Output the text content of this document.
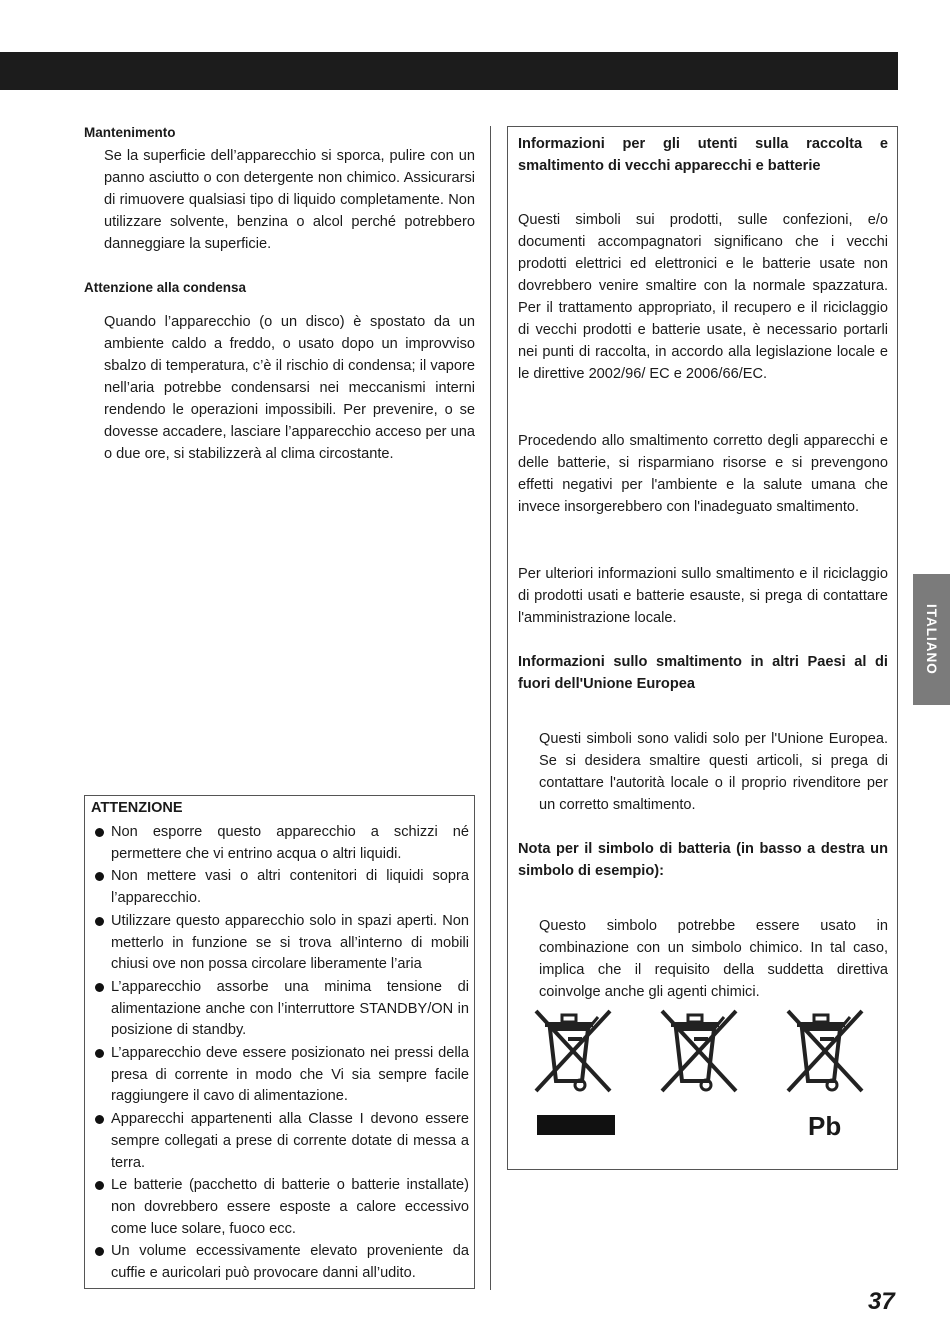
ITALIANO
Mantenimento
Se la superficie dell’apparecchio si sporca, pulire con un panno asciutto o con detergente non chimico. Assicurarsi di rimuovere qualsiasi tipo di liquido completamente. Non utilizzare solvente, benzina o alcol perché potrebbero danneggiare la superficie.
Attenzione alla condensa
Quando l’apparecchio (o un disco) è spostato da un ambiente caldo a freddo, o usato dopo un improvviso sbalzo di temperatura, c’è il rischio di condensa; il vapore nell’aria potrebbe condensarsi nei meccanismi interni rendendo le operazioni impossibili. Per prevenire, o se dovesse accadere, lasciare l’apparecchio acceso per una o due ore, si stabilizzerà al clima circostante.
ATTENZIONE
Non esporre questo apparecchio a schizzi né permettere che vi entrino acqua o altri liquidi.
Non mettere vasi o altri contenitori di liquidi sopra l’apparecchio.
Utilizzare questo apparecchio solo in spazi aperti. Non metterlo in funzione se si trova all’interno di mobili chiusi ove non possa circolare liberamente l’aria
L’apparecchio assorbe una minima tensione di alimentazione anche con l’interruttore STANDBY/ON in posizione di standby.
L’apparecchio deve essere posizionato nei pressi della presa di corrente in modo che Vi sia sempre facile raggiungere il cavo di alimentazione.
Apparecchi appartenenti alla Classe I devono essere sempre collegati a prese di corrente dotate di messa a terra.
Le batterie (pacchetto di batterie o batterie installate) non dovrebbero essere esposte a calore eccessivo come luce solare, fuoco ecc.
Un volume eccessivamente elevato proveniente da cuffie e auricolari può provocare danni all’udito.
Informazioni per gli utenti sulla raccolta e smaltimento di vecchi apparecchi e batterie
Questi simboli sui prodotti, sulle confezioni, e/o documenti accompagnatori significano che i vecchi prodotti elettrici ed elettronici e le batterie usate non dovrebbero venire smaltire con la normale spazzatura. Per il trattamento appropriato, il recupero e il riciclaggio di vecchi prodotti e batterie usate, è necessario portarli nei punti di raccolta, in accordo alla legislazione locale e le direttive 2002/96/ EC e 2006/66/EC.
Procedendo allo smaltimento corretto degli apparecchi e delle batterie, si risparmiano risorse e si prevengono effetti negativi per l'ambiente e la salute umana che invece insorgerebbero con l'inadeguato smaltimento.
Per ulteriori informazioni sullo smaltimento e il riciclaggio di prodotti usati e batterie esauste, si prega di contattare l'amministrazione locale.
Informazioni sullo smaltimento in altri Paesi al di fuori dell'Unione Europea
Questi simboli sono validi solo per l'Unione Europea. Se si desidera smaltire questi articoli, si prega di contattare l'autorità locale o il proprio rivenditore per un corretto smaltimento.
Nota per il simbolo di batteria (in basso a destra un simbolo di esempio):
Questo simbolo potrebbe essere usato in combinazione con un simbolo chimico. In tal caso, implica che il requisito della suddetta direttiva coinvolge anche gli agenti chimici.
Pb
37
